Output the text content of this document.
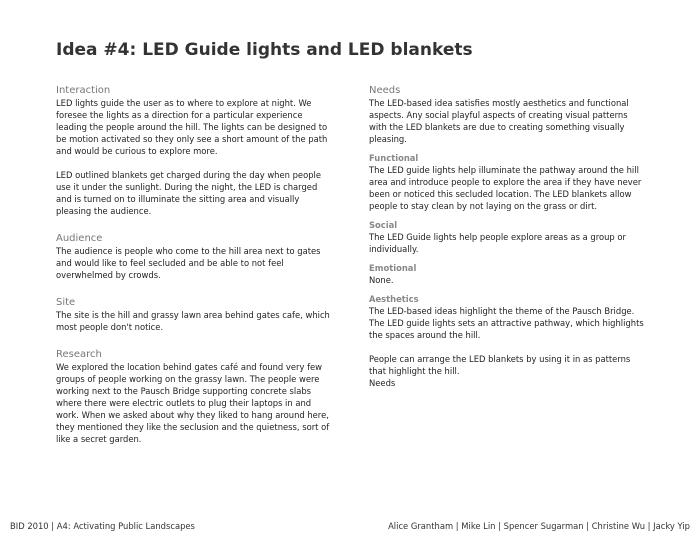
Idea #4: LED Guide lights and LED blankets
Interaction

LED lights guide the user as to where to explore at night. We foresee the lights as a direction for a particular experience leading the people around the hill. The lights can be designed to be motion activated so they only see a short amount of the path and would be curious to explore more.

LED outlined blankets get charged during the day when people use it under the sunlight. During the night, the LED is charged and is turned on to illuminate the sitting area and visually pleasing the audience.

Audience

The audience is people who come to the hill area next to gates and would like to feel secluded and be able to not feel overwhelmed by crowds.

Site

The site is the hill and grassy lawn area behind gates cafe, which most people don't notice.

Research

We explored the location behind gates café and found very few groups of people working on the grassy lawn. The people were working next to the Pausch Bridge supporting concrete slabs where there were electric outlets to plug their laptops in and work. When we asked about why they liked to hang around here, they mentioned they like the seclusion and the quietness, sort of like a secret garden.

Needs

The LED-based idea satisfies mostly aesthetics and functional aspects. Any social playful aspects of creating visual patterns with the LED blankets are due to creating something visually pleasing.

Functional

The LED guide lights help illuminate the pathway around the hill area and introduce people to explore the area if they have never been or noticed this secluded location. The LED blankets allow people to stay clean by not laying on the grass or dirt.

Social

The LED Guide lights help people explore areas as a group or individually.

Emotional

None.

Aesthetics

The LED-based ideas highlight the theme of the Pausch Bridge. The LED guide lights sets an attractive pathway, which highlights the spaces around the hill.

People can arrange the LED blankets by using it in as patterns that highlight the hill.

Needs

BID 2010 | A4: Activating Public Landscapes	Alice Grantham | Mike Lin | Spencer Sugarman | Christine Wu | Jacky Yip
